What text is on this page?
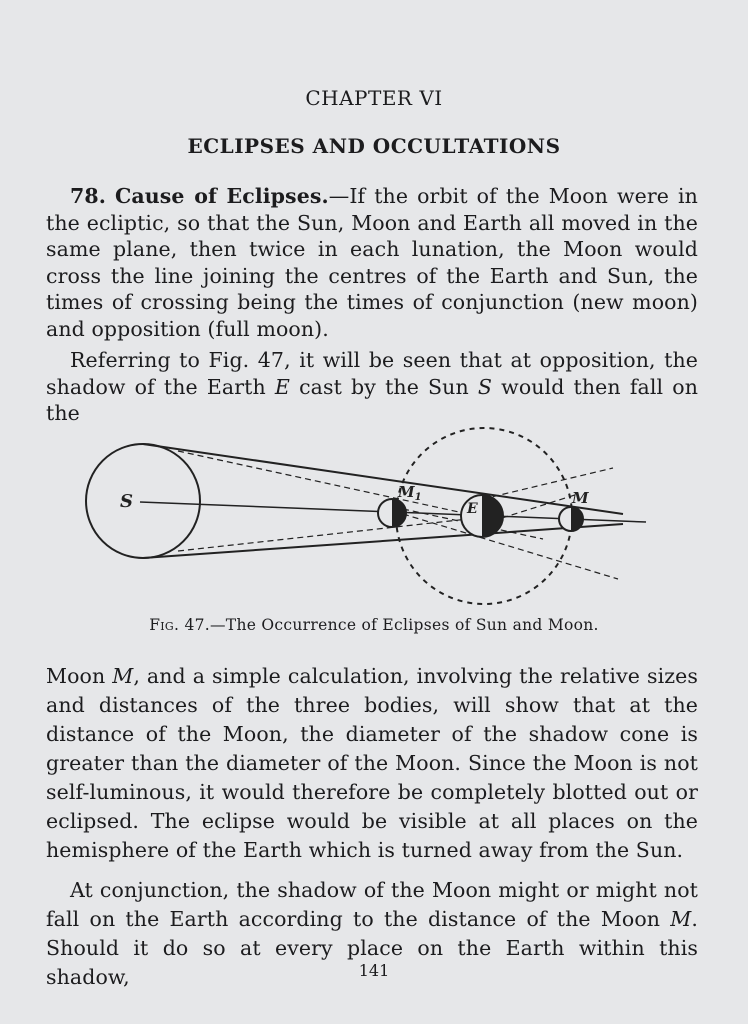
CHAPTER VI
ECLIPSES AND OCCULTATIONS

78. Cause of Eclipses.—If the orbit of the Moon were in the ecliptic, so that the Sun, Moon and Earth all moved in the same plane, then twice in each lunation, the Moon would cross the line joining the centres of the Earth and Sun, the times of crossing being the times of conjunction (new moon) and opposition (full moon).

Referring to Fig. 47, it will be seen that at opposition, the shadow of the Earth E cast by the Sun S would then fall on the

S	$M_1$
E
M
Fig. 47.—The Occurrence of Eclipses of Sun and Moon.

Moon M, and a simple calculation, involving the relative sizes and distances of the three bodies, will show that at the distance of the Moon, the diameter of the shadow cone is greater than the diameter of the Moon. Since the Moon is not self-luminous, it would therefore be completely blotted out or eclipsed. The eclipse would be visible at all places on the hemisphere of the Earth which is turned away from the Sun.

At conjunction, the shadow of the Moon might or might not fall on the Earth according to the distance of the Moon M. Should it do so at every place on the Earth within this shadow,	141
